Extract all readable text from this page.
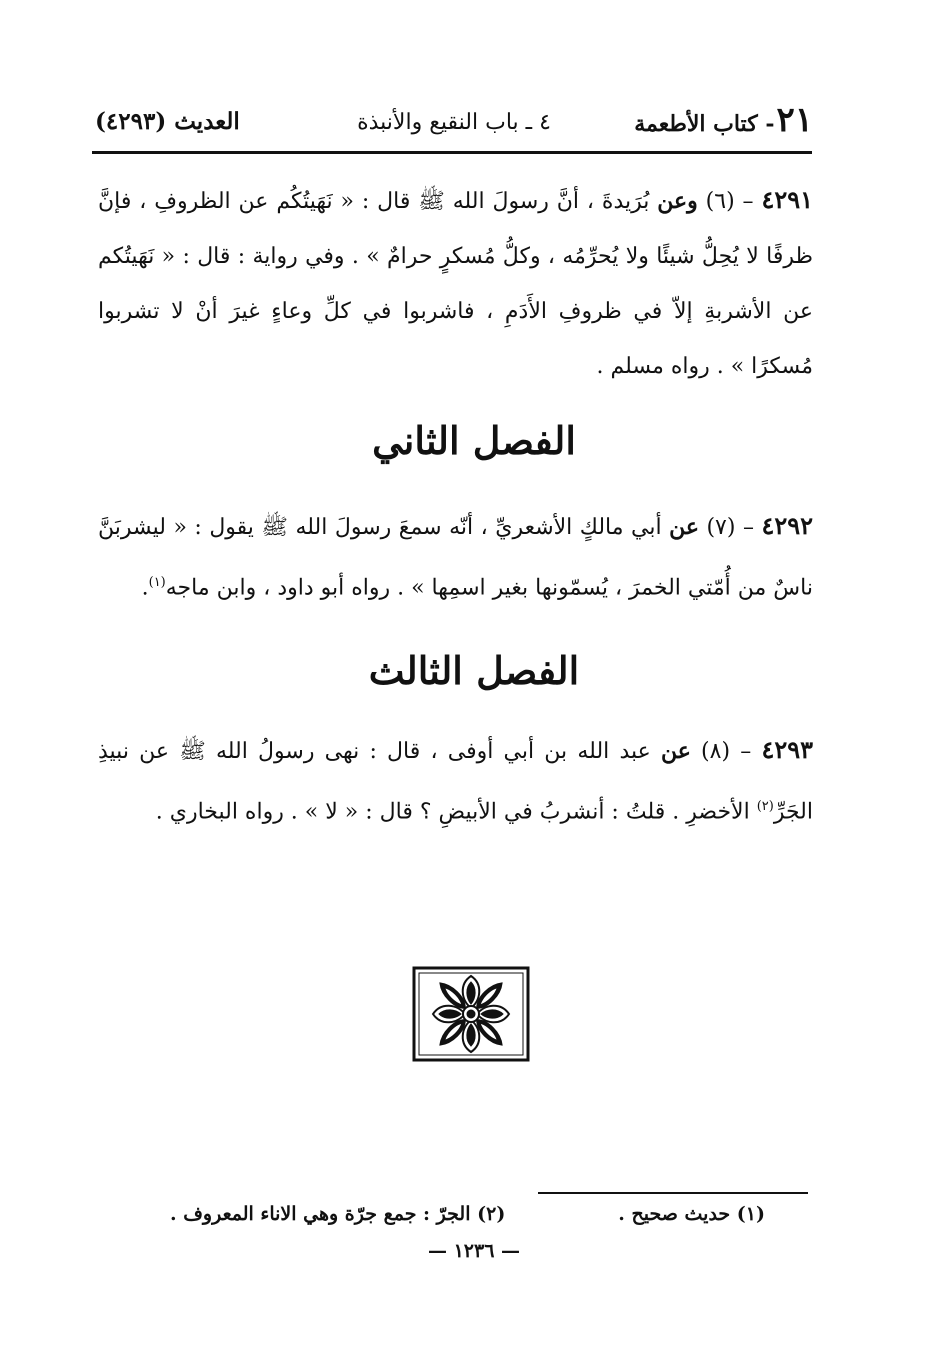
٢١- كتاب الأطعمة
٤ ـ باب النقيع والأنبذة
العديث (٤٢٩٣)

٤٢٩١ – (٦) وعن بُرَيدةَ ، أنَّ رسولَ الله ﷺ قال : « نَهَيتُكُم عن الظروفِ ، فإنَّ ظرفًا لا يُحِلُّ شيئًا ولا يُحرِّمُه ، وكلُّ مُسكرٍ حرامٌ » . وفي رواية : قال : « نَهَيتُكم عن الأشربةِ إلاّ في ظروفِ الأَدَمِ ، فاشربوا في كلِّ وعاءٍ غيرَ أنْ لا تشربوا مُسكرًا » . رواه مسلم .

الفصل الثاني

٤٢٩٢ – (٧) عن أبي مالكٍ الأشعريِّ ، أنّه سمعَ رسولَ الله ﷺ يقول : « ليشربَنَّ ناسٌ من أُمّتي الخمرَ ، يُسمّونها بغير اسمِها » . رواه أبو داود ، وابن ماجه$^{(١)}$.

الفصل الثالث

٤٢٩٣ – (٨) عن عبد الله بن أبي أوفى ، قال : نهى رسولُ الله ﷺ عن نبيذِ الجَرِّ$^{(٢)}$ الأخضرِ . قلتُ : أنشربُ في الأبيضِ ؟ قال : « لا » . رواه البخاري .

(١) حديث صحيح .
(٢) الجرّ : جمع جرّة وهي الاناء المعروف .
— ١٢٣٦ —
